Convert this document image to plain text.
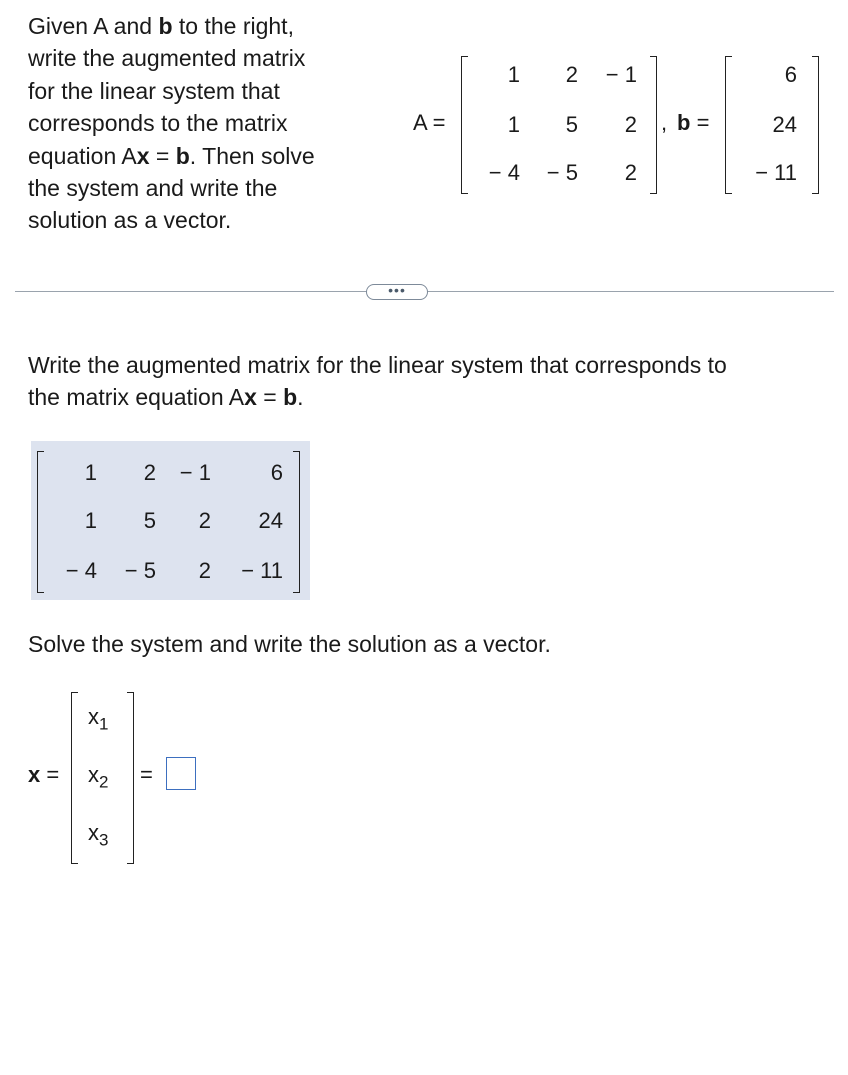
Given A and b to the right,

write the augmented matrix

for the linear system that

corresponds to the matrix

equation Ax = b. Then solve

the system and write the

solution as a vector.

A =
1 2 − 1
1 5 2
− 4 − 5 2
, b =
6
24
− 11
•••
Write the augmented matrix for the linear system that corresponds to
the matrix equation Ax = b.
1 2 − 1	6
1 5 2 24
− 4 − 5 2 − 11
Solve the system and write the solution as a vector.
x =
$x_1$
$x_2$
$x_3$
=
